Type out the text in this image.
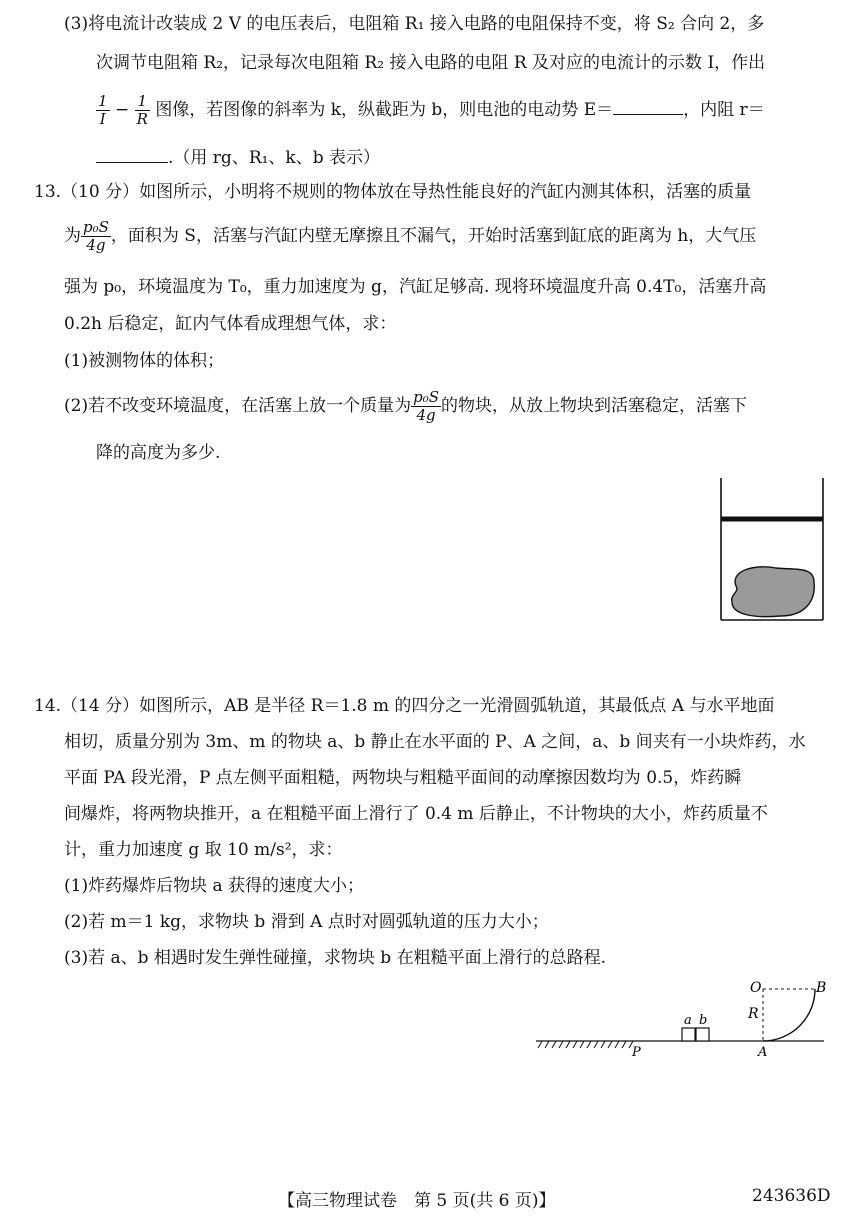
(3)将电流计改装成 2 V 的电压表后，电阻箱 R₁ 接入电路的电阻保持不变，将 S₂ 合向 2，多
次调节电阻箱 R₂，记录每次电阻箱 R₂ 接入电路的电阻 R 及对应的电流计的示数 I，作出
$\frac{1}{I} - \frac{1}{R}$ 图像，若图像的斜率为 k，纵截距为 b，则电池的电动势 E＝	，内阻 r＝
.（用 rg、R₁、k、b 表示）
13.（10 分）如图所示，小明将不规则的物体放在导热性能良好的汽缸内测其体积，活塞的质量
为 $\frac{\text{p₀S}}{4g}$ ，面积为 S，活塞与汽缸内壁无摩擦且不漏气，开始时活塞到缸底的距离为 h，大气压
强为 p₀，环境温度为 T₀，重力加速度为 g，汽缸足够高. 现将环境温度升高 0.4T₀，活塞升高
0.2h 后稳定，缸内气体看成理想气体，求：
(1)被测物体的体积；
(2)若不改变环境温度，在活塞上放一个质量为 $\frac{\text{p₀S}}{4g}$ 的物块，从放上物块到活塞稳定，活塞下
降的高度为多少.
14.（14 分）如图所示，AB 是半径 R＝1.8 m 的四分之一光滑圆弧轨道，其最低点 A 与水平地面
相切，质量分别为 3m、m 的物块 a、b 静止在水平面的 P、A 之间，a、b 间夹有一小块炸药，水
平面 PA 段光滑，P 点左侧平面粗糙，两物块与粗糙平面间的动摩擦因数均为 0.5，炸药瞬
间爆炸，将两物块推开，a 在粗糙平面上滑行了 0.4 m 后静止，不计物块的大小，炸药质量不
计，重力加速度 g 取 10 m/s²，求：
(1)炸药爆炸后物块 a 获得的速度大小；
(2)若 m＝1 kg，求物块 b 滑到 A 点时对圆弧轨道的压力大小；
(3)若 a、b 相遇时发生弹性碰撞，求物块 b 在粗糙平面上滑行的总路程.
O	B
R
a b
P	A
【高三物理试卷　第 5 页(共 6 页)】	243636D
